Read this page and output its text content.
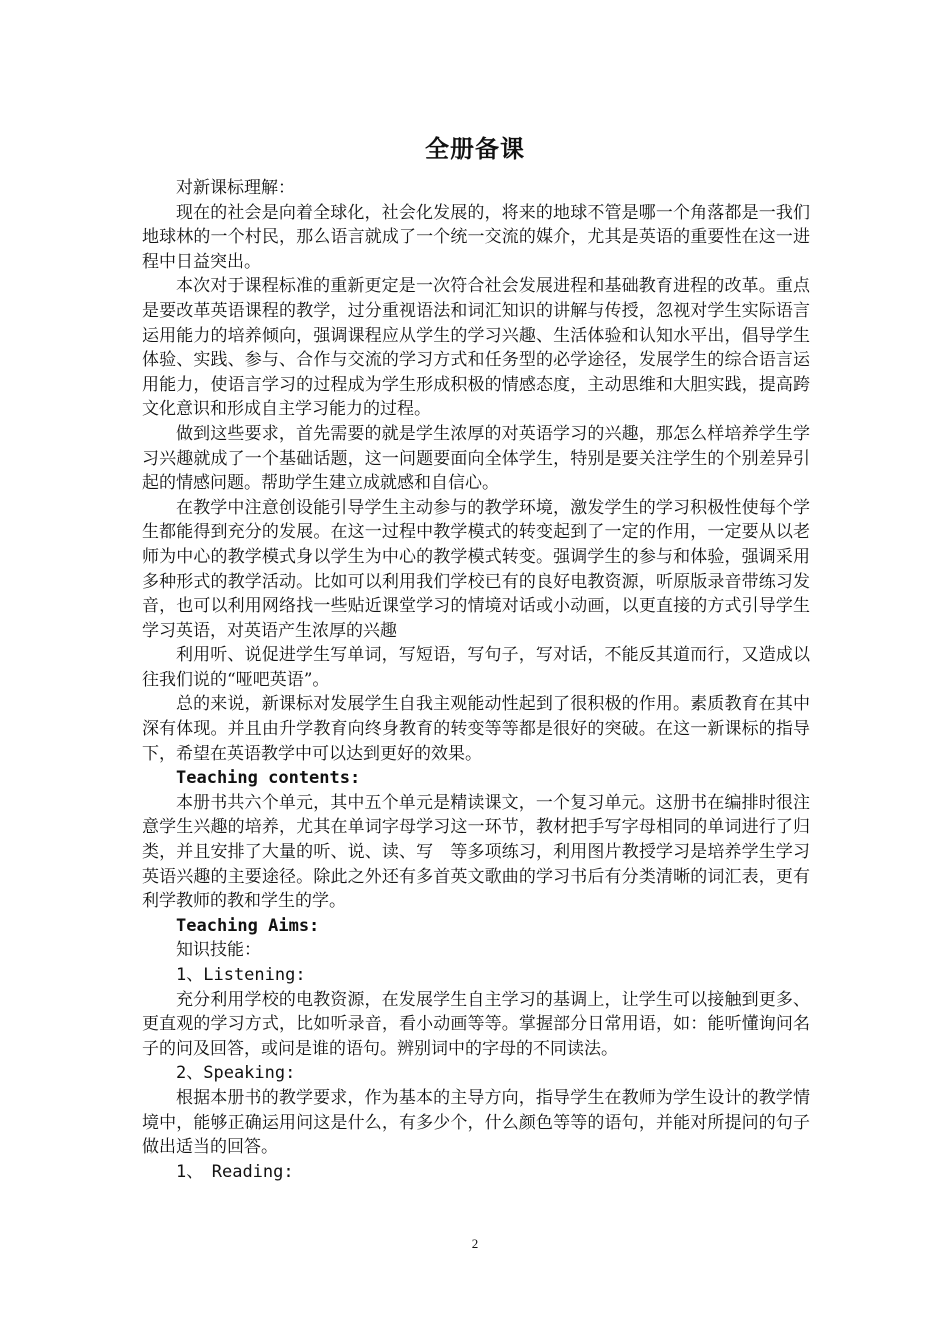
全册备课

对新课标理解：

现在的社会是向着全球化，社会化发展的，将来的地球不管是哪一个角落都是一我们地球林的一个村民，那么语言就成了一个统一交流的媒介，尤其是英语的重要性在这一进程中日益突出。

本次对于课程标准的重新更定是一次符合社会发展进程和基础教育进程的改革。重点是要改革英语课程的教学，过分重视语法和词汇知识的讲解与传授，忽视对学生实际语言运用能力的培养倾向，强调课程应从学生的学习兴趣、生活体验和认知水平出，倡导学生体验、实践、参与、合作与交流的学习方式和任务型的必学途径，发展学生的综合语言运用能力，使语言学习的过程成为学生形成积极的情感态度，主动思维和大胆实践，提高跨文化意识和形成自主学习能力的过程。

做到这些要求，首先需要的就是学生浓厚的对英语学习的兴趣，那怎么样培养学生学习兴趣就成了一个基础话题，这一问题要面向全体学生，特别是要关注学生的个别差异引起的情感问题。帮助学生建立成就感和自信心。

在教学中注意创设能引导学生主动参与的教学环境，激发学生的学习积极性使每个学生都能得到充分的发展。在这一过程中教学模式的转变起到了一定的作用，一定要从以老师为中心的教学模式身以学生为中心的教学模式转变。强调学生的参与和体验，强调采用多种形式的教学活动。比如可以利用我们学校已有的良好电教资源，听原版录音带练习发音，也可以利用网络找一些贴近课堂学习的情境对话或小动画，以更直接的方式引导学生学习英语，对英语产生浓厚的兴趣

利用听、说促进学生写单词，写短语，写句子，写对话，不能反其道而行，又造成以往我们说的“哑吧英语”。

总的来说，新课标对发展学生自我主观能动性起到了很积极的作用。素质教育在其中深有体现。并且由升学教育向终身教育的转变等等都是很好的突破。在这一新课标的指导下，希望在英语教学中可以达到更好的效果。

Teaching contents:

本册书共六个单元，其中五个单元是精读课文，一个复习单元。这册书在编排时很注意学生兴趣的培养，尤其在单词字母学习这一环节，教材把手写字母相同的单词进行了归类，并且安排了大量的听、说、读、写　等多项练习，利用图片教授学习是培养学生学习英语兴趣的主要途径。除此之外还有多首英文歌曲的学习书后有分类清晰的词汇表，更有利学教师的教和学生的学。

Teaching Aims:

知识技能：

1、Listening:

充分利用学校的电教资源，在发展学生自主学习的基调上，让学生可以接触到更多、更直观的学习方式，比如听录音，看小动画等等。掌握部分日常用语，如：能听懂询问名子的问及回答，或问是谁的语句。辨别词中的字母的不同读法。

2、Speaking:

根据本册书的教学要求，作为基本的主导方向，指导学生在教师为学生设计的教学情境中，能够正确运用问这是什么，有多少个，什么颜色等等的语句，并能对所提问的句子做出适当的回答。

1、　Reading:

2
